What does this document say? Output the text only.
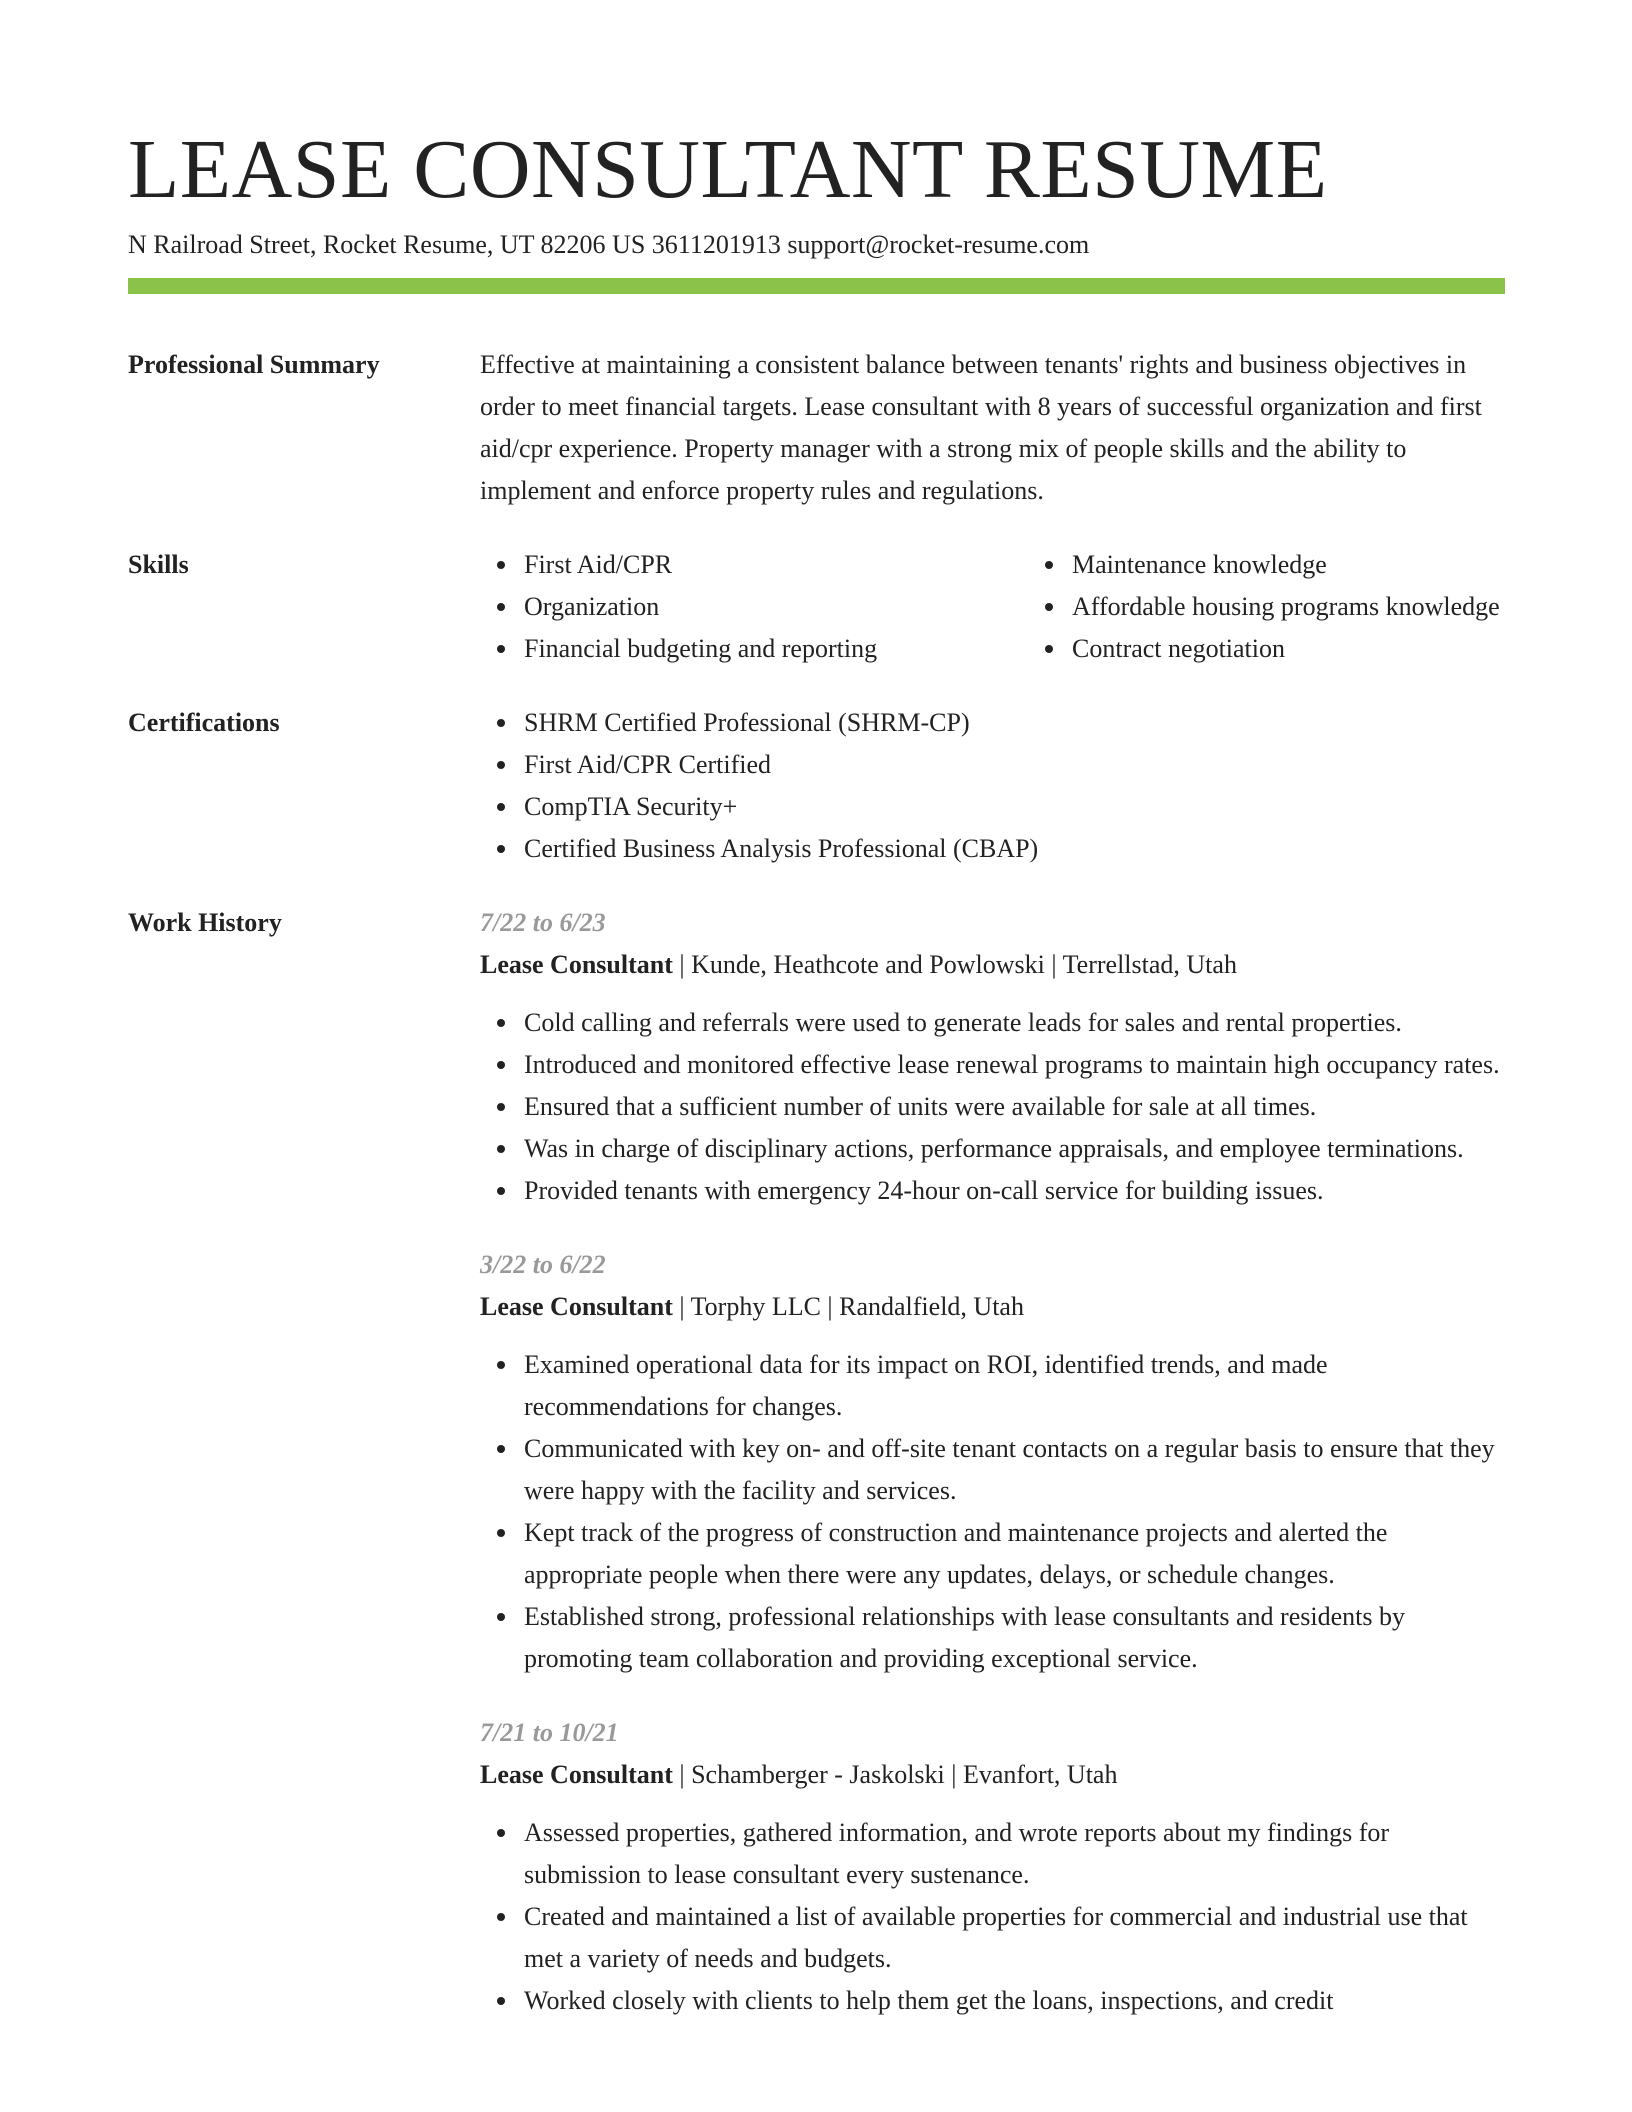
LEASE CONSULTANT RESUME
N Railroad Street, Rocket Resume, UT 82206 US 3611201913 support@rocket-resume.com
Professional Summary	Effective at maintaining a consistent balance between tenants' rights and business objectives in order to meet financial targets. Lease consultant with 8 years of successful organization and first aid/cpr experience. Property manager with a strong mix of people skills and the ability to implement and enforce property rules and regulations.
Skills	First Aid/CPR
Organization
Financial budgeting and reporting
Maintenance knowledge
Affordable housing programs knowledge
Contract negotiation
Certifications	SHRM Certified Professional (SHRM-CP)
First Aid/CPR Certified
CompTIA Security+
Certified Business Analysis Professional (CBAP)
Work History	7/22 to 6/23
Lease Consultant | Kunde, Heathcote and Powlowski | Terrellstad, Utah
Cold calling and referrals were used to generate leads for sales and rental properties.
Introduced and monitored effective lease renewal programs to maintain high occupancy rates.
Ensured that a sufficient number of units were available for sale at all times.
Was in charge of disciplinary actions, performance appraisals, and employee terminations.
Provided tenants with emergency 24-hour on-call service for building issues.
3/22 to 6/22
Lease Consultant | Torphy LLC | Randalfield, Utah
Examined operational data for its impact on ROI, identified trends, and made recommendations for changes.
Communicated with key on- and off-site tenant contacts on a regular basis to ensure that they were happy with the facility and services.
Kept track of the progress of construction and maintenance projects and alerted the appropriate people when there were any updates, delays, or schedule changes.
Established strong, professional relationships with lease consultants and residents by promoting team collaboration and providing exceptional service.
7/21 to 10/21
Lease Consultant | Schamberger - Jaskolski | Evanfort, Utah
Assessed properties, gathered information, and wrote reports about my findings for submission to lease consultant every sustenance.
Created and maintained a list of available properties for commercial and industrial use that met a variety of needs and budgets.
Worked closely with clients to help them get the loans, inspections, and credit
